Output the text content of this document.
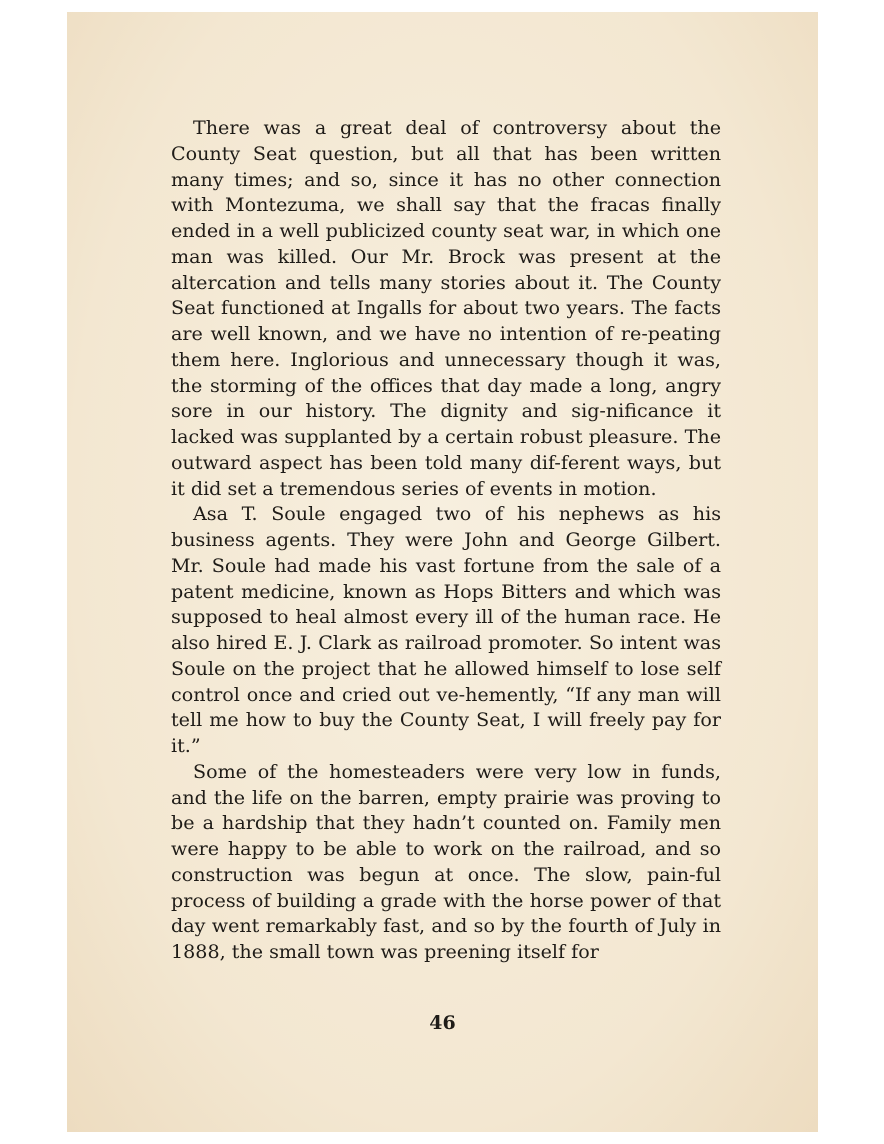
There was a great deal of controversy about the County Seat question, but all that has been written many times; and so, since it has no other connection with Montezuma, we shall say that the fracas finally ended in a well publicized county seat war, in which one man was killed. Our Mr. Brock was present at the altercation and tells many stories about it. The County Seat functioned at Ingalls for about two years. The facts are well known, and we have no intention of re-peating them here. Inglorious and unnecessary though it was, the storming of the offices that day made a long, angry sore in our history. The dignity and sig-nificance it lacked was supplanted by a certain robust pleasure. The outward aspect has been told many dif-ferent ways, but it did set a tremendous series of events in motion.

Asa T. Soule engaged two of his nephews as his business agents. They were John and George Gilbert. Mr. Soule had made his vast fortune from the sale of a patent medicine, known as Hops Bitters and which was supposed to heal almost every ill of the human race. He also hired E. J. Clark as railroad promoter. So intent was Soule on the project that he allowed himself to lose self control once and cried out ve-hemently, “If any man will tell me how to buy the County Seat, I will freely pay for it.”

Some of the homesteaders were very low in funds, and the life on the barren, empty prairie was proving to be a hardship that they hadn’t counted on. Family men were happy to be able to work on the railroad, and so construction was begun at once. The slow, pain-ful process of building a grade with the horse power of that day went remarkably fast, and so by the fourth of July in 1888, the small town was preening itself for

46
